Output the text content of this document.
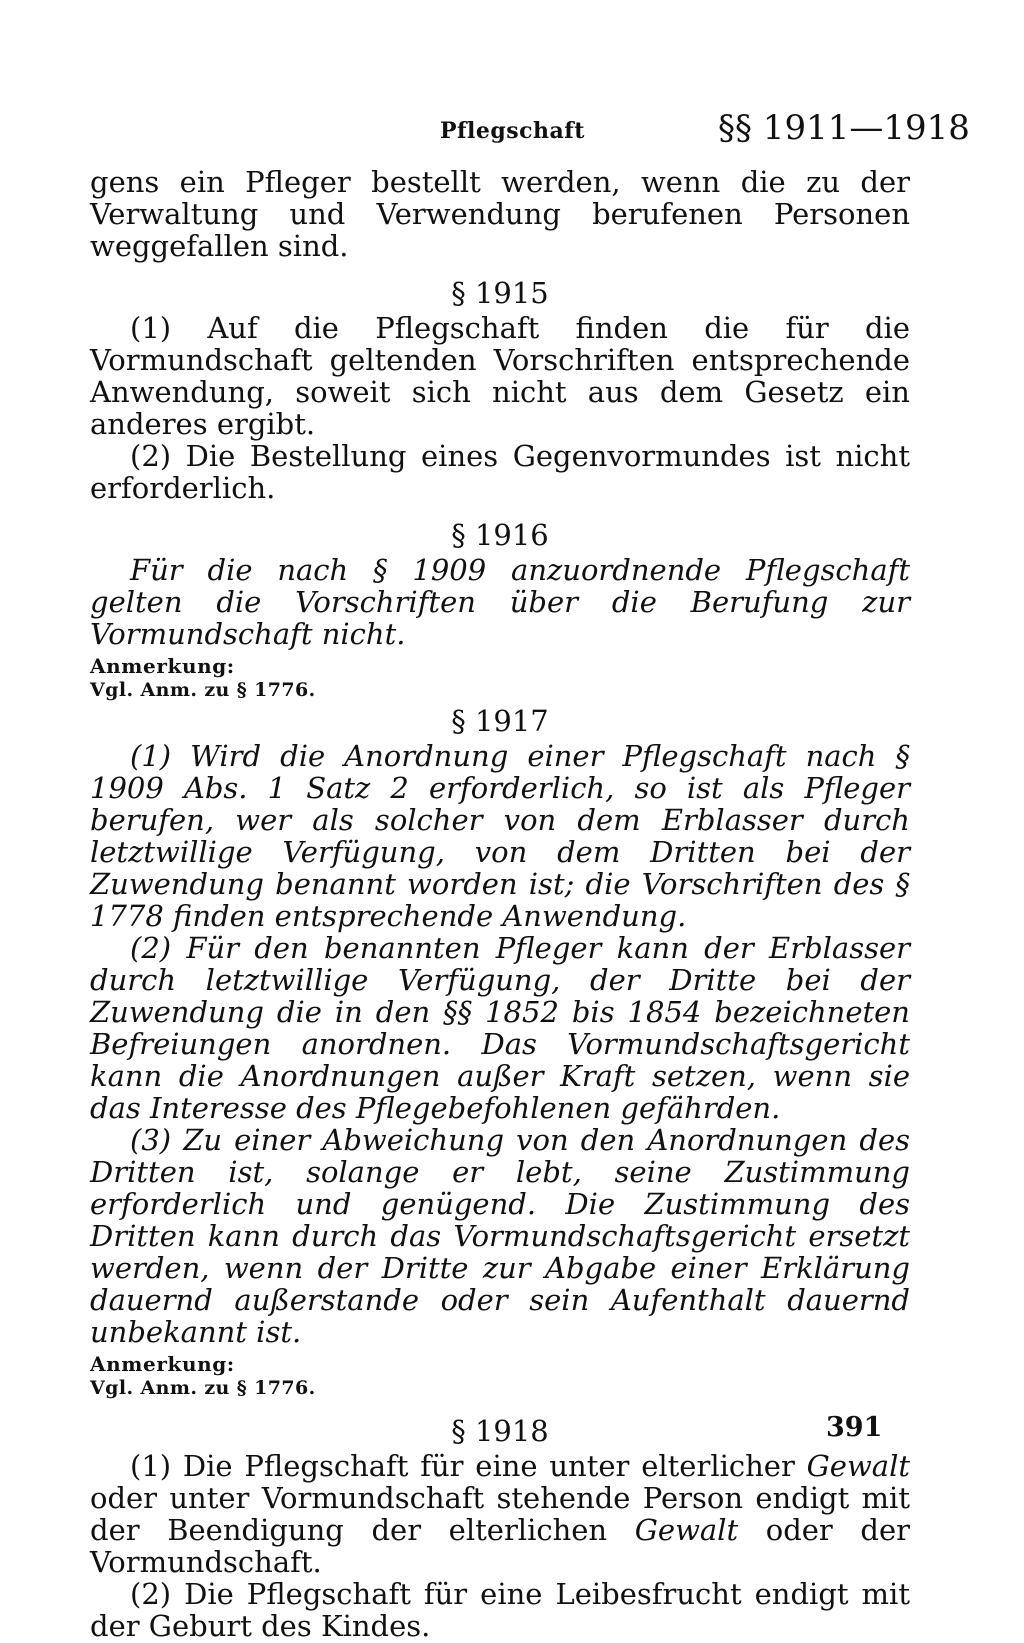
Pflegschaft	§§ 1911—1918

gens ein Pfleger bestellt werden, wenn die zu der Verwaltung und Verwendung berufenen Personen weggefallen sind.

§ 1915

(1) Auf die Pflegschaft finden die für die Vormundschaft geltenden Vorschriften entsprechende Anwendung, soweit sich nicht aus dem Gesetz ein anderes ergibt.

(2) Die Bestellung eines Gegenvormundes ist nicht erforderlich.

§ 1916

Für die nach § 1909 anzuordnende Pflegschaft gelten die Vorschriften über die Berufung zur Vormundschaft nicht.

Anmerkung:

Vgl. Anm. zu § 1776.

§ 1917

(1) Wird die Anordnung einer Pflegschaft nach § 1909 Abs. 1 Satz 2 erforderlich, so ist als Pfleger berufen, wer als solcher von dem Erblasser durch letztwillige Verfügung, von dem Dritten bei der Zuwendung benannt worden ist; die Vorschriften des § 1778 finden entsprechende Anwendung.

(2) Für den benannten Pfleger kann der Erblasser durch letztwillige Verfügung, der Dritte bei der Zuwendung die in den §§ 1852 bis 1854 bezeichneten Befreiungen anordnen. Das Vormundschaftsgericht kann die Anordnungen außer Kraft setzen, wenn sie das Interesse des Pflegebefohlenen gefährden.

(3) Zu einer Abweichung von den Anordnungen des Dritten ist, solange er lebt, seine Zustimmung erforderlich und genügend. Die Zustimmung des Dritten kann durch das Vormundschaftsgericht ersetzt werden, wenn der Dritte zur Abgabe einer Erklärung dauernd außerstande oder sein Aufenthalt dauernd unbekannt ist.

Anmerkung:

Vgl. Anm. zu § 1776.

§ 1918

(1) Die Pflegschaft für eine unter elterlicher Gewalt oder unter Vormundschaft stehende Person endigt mit der Beendigung der elterlichen Gewalt oder der Vormundschaft.

(2) Die Pflegschaft für eine Leibesfrucht endigt mit der Geburt des Kindes.

391
